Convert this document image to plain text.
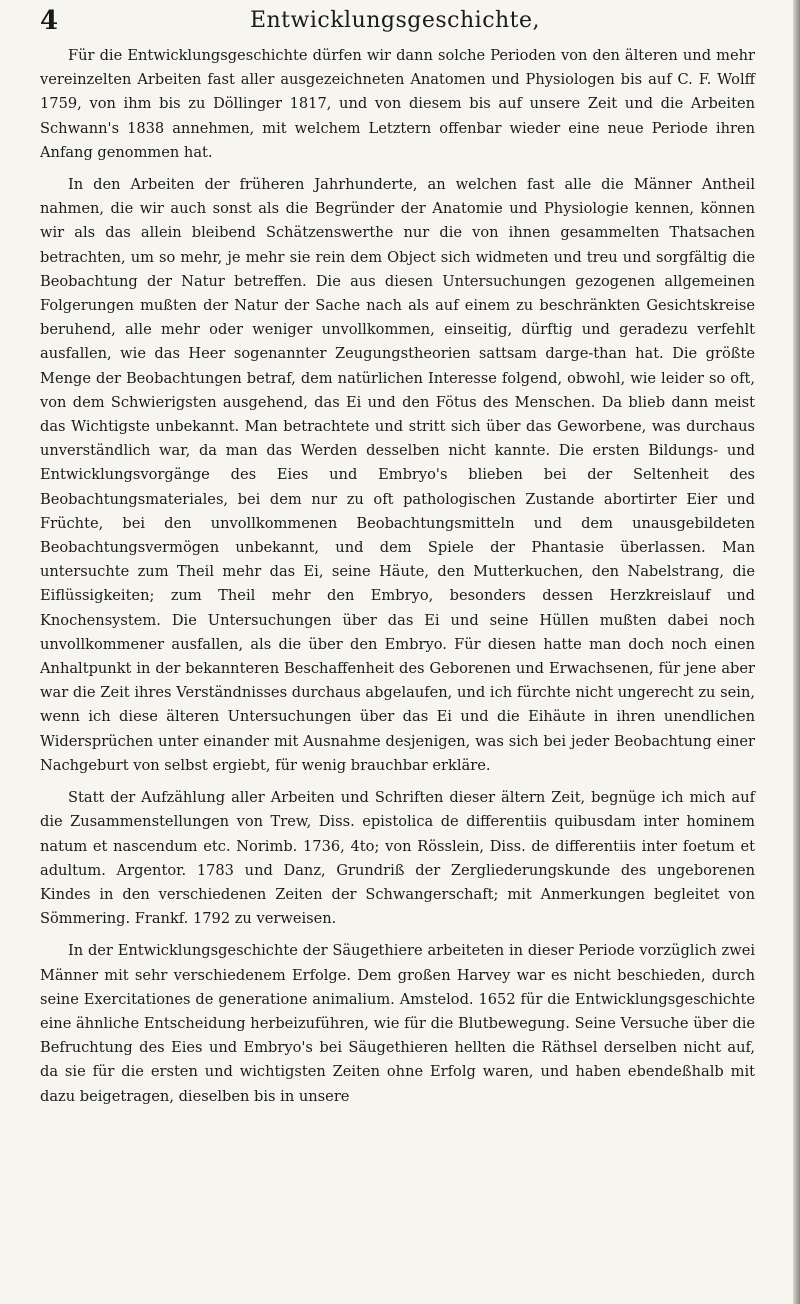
4	Entwicklungsgeschichte,

Für die Entwicklungsgeschichte dürfen wir dann solche Perioden von den älteren und mehr vereinzelten Arbeiten fast aller ausgezeichneten Anatomen und Physiologen bis auf C. F. Wolff 1759, von ihm bis zu Döllinger 1817, und von diesem bis auf unsere Zeit und die Arbeiten Schwann's 1838 annehmen, mit welchem Letztern offenbar wieder eine neue Periode ihren Anfang genommen hat.

In den Arbeiten der früheren Jahrhunderte, an welchen fast alle die Männer Antheil nahmen, die wir auch sonst als die Begründer der Anatomie und Physiologie kennen, können wir als das allein bleibend Schätzenswerthe nur die von ihnen gesammelten Thatsachen betrachten, um so mehr, je mehr sie rein dem Object sich widmeten und treu und sorgfältig die Beobachtung der Natur betreffen. Die aus diesen Untersuchungen gezogenen allgemeinen Folgerungen mußten der Natur der Sache nach als auf einem zu beschränkten Gesichtskreise beruhend, alle mehr oder weniger unvollkommen, einseitig, dürftig und geradezu verfehlt ausfallen, wie das Heer sogenannter Zeugungstheorien sattsam darge-than hat. Die größte Menge der Beobachtungen betraf, dem natürlichen Interesse folgend, obwohl, wie leider so oft, von dem Schwierigsten ausgehend, das Ei und den Fötus des Menschen. Da blieb dann meist das Wichtigste unbekannt. Man betrachtete und stritt sich über das Geworbene, was durchaus unverständlich war, da man das Werden desselben nicht kannte. Die ersten Bildungs- und Entwicklungsvorgänge des Eies und Embryo's blieben bei der Seltenheit des Beobachtungsmateriales, bei dem nur zu oft pathologischen Zustande abortirter Eier und Früchte, bei den unvollkommenen Beobachtungsmitteln und dem unausgebildeten Beobachtungsvermögen unbekannt, und dem Spiele der Phantasie überlassen. Man untersuchte zum Theil mehr das Ei, seine Häute, den Mutterkuchen, den Nabelstrang, die Eiflüssigkeiten; zum Theil mehr den Embryo, besonders dessen Herzkreislauf und Knochensystem. Die Untersuchungen über das Ei und seine Hüllen mußten dabei noch unvollkommener ausfallen, als die über den Embryo. Für diesen hatte man doch noch einen Anhaltpunkt in der bekannteren Beschaffenheit des Geborenen und Erwachsenen, für jene aber war die Zeit ihres Verständnisses durchaus abgelaufen, und ich fürchte nicht ungerecht zu sein, wenn ich diese älteren Untersuchungen über das Ei und die Eihäute in ihren unendlichen Widersprüchen unter einander mit Ausnahme desjenigen, was sich bei jeder Beobachtung einer Nachgeburt von selbst ergiebt, für wenig brauchbar erkläre.

Statt der Aufzählung aller Arbeiten und Schriften dieser ältern Zeit, begnüge ich mich auf die Zusammenstellungen von Trew, Diss. epistolica de differentiis quibusdam inter hominem natum et nascendum etc. Norimb. 1736, 4to; von Rösslein, Diss. de differentiis inter foetum et adultum. Argentor. 1783 und Danz, Grundriß der Zergliederungskunde des ungeborenen Kindes in den verschiedenen Zeiten der Schwangerschaft; mit Anmerkungen begleitet von Sömmering. Frankf. 1792 zu verweisen.

In der Entwicklungsgeschichte der Säugethiere arbeiteten in dieser Periode vorzüglich zwei Männer mit sehr verschiedenem Erfolge. Dem großen Harvey war es nicht beschieden, durch seine Exercitationes de generatione animalium. Amstelod. 1652 für die Entwicklungsgeschichte eine ähnliche Entscheidung herbeizuführen, wie für die Blutbewegung. Seine Versuche über die Befruchtung des Eies und Embryo's bei Säugethieren hellten die Räthsel derselben nicht auf, da sie für die ersten und wichtigsten Zeiten ohne Erfolg waren, und haben ebendeßhalb mit dazu beigetragen, dieselben bis in unsere
